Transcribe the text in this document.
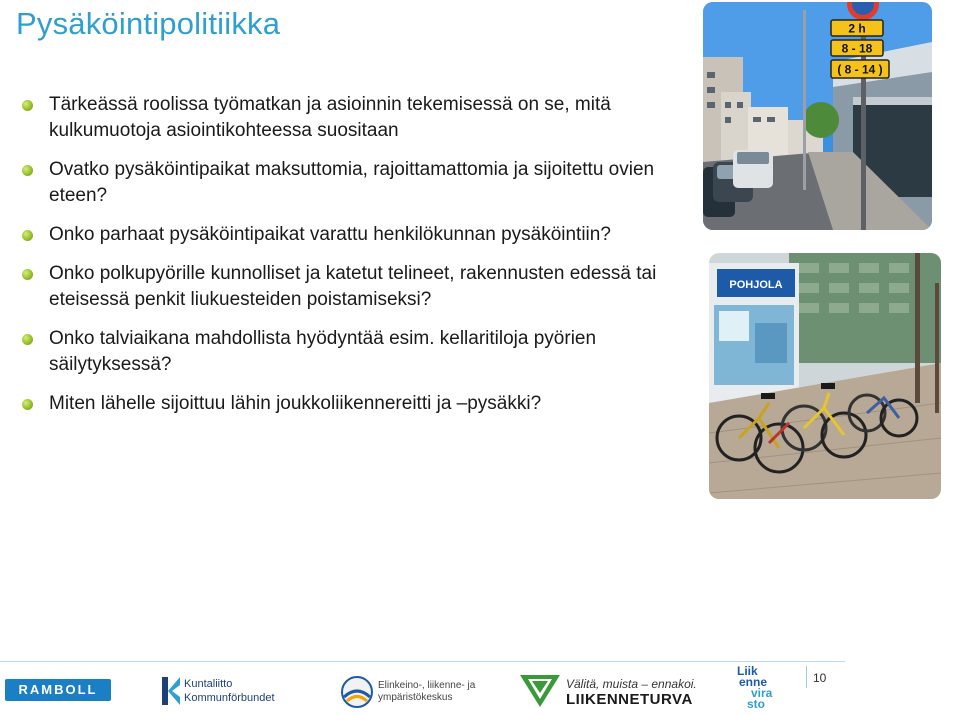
Pysäköintipolitiikka
Tärkeässä roolissa työmatkan ja asioinnin tekemisessä on se, mitä kulkumuotoja asiointikohteessa suositaan
Ovatko pysäköintipaikat maksuttomia, rajoittamattomia ja sijoitettu ovien eteen?
Onko parhaat pysäköintipaikat varattu henkilökunnan pysäköintiin?
Onko polkupyörille kunnolliset ja katetut telineet, rakennusten edessä tai eteisessä penkit liukuesteiden poistamiseksi?
Onko talviaikana mahdollista hyödyntää esim. kellaritiloja pyörien säilytyksessä?
Miten lähelle sijoittuu lähin joukkoliikennereitti ja –pysäkki?
2 h
8 - 18
( 8 - 14 )
POHJOLA
10
RAMBOLL	Kuntaliitto
Kommunförbundet
Elinkeino-, liikenne- ja
ympäristökeskus
Välitä, muista – ennakoi.
LIIKENNETURVA
Liik
enne
vira
sto
